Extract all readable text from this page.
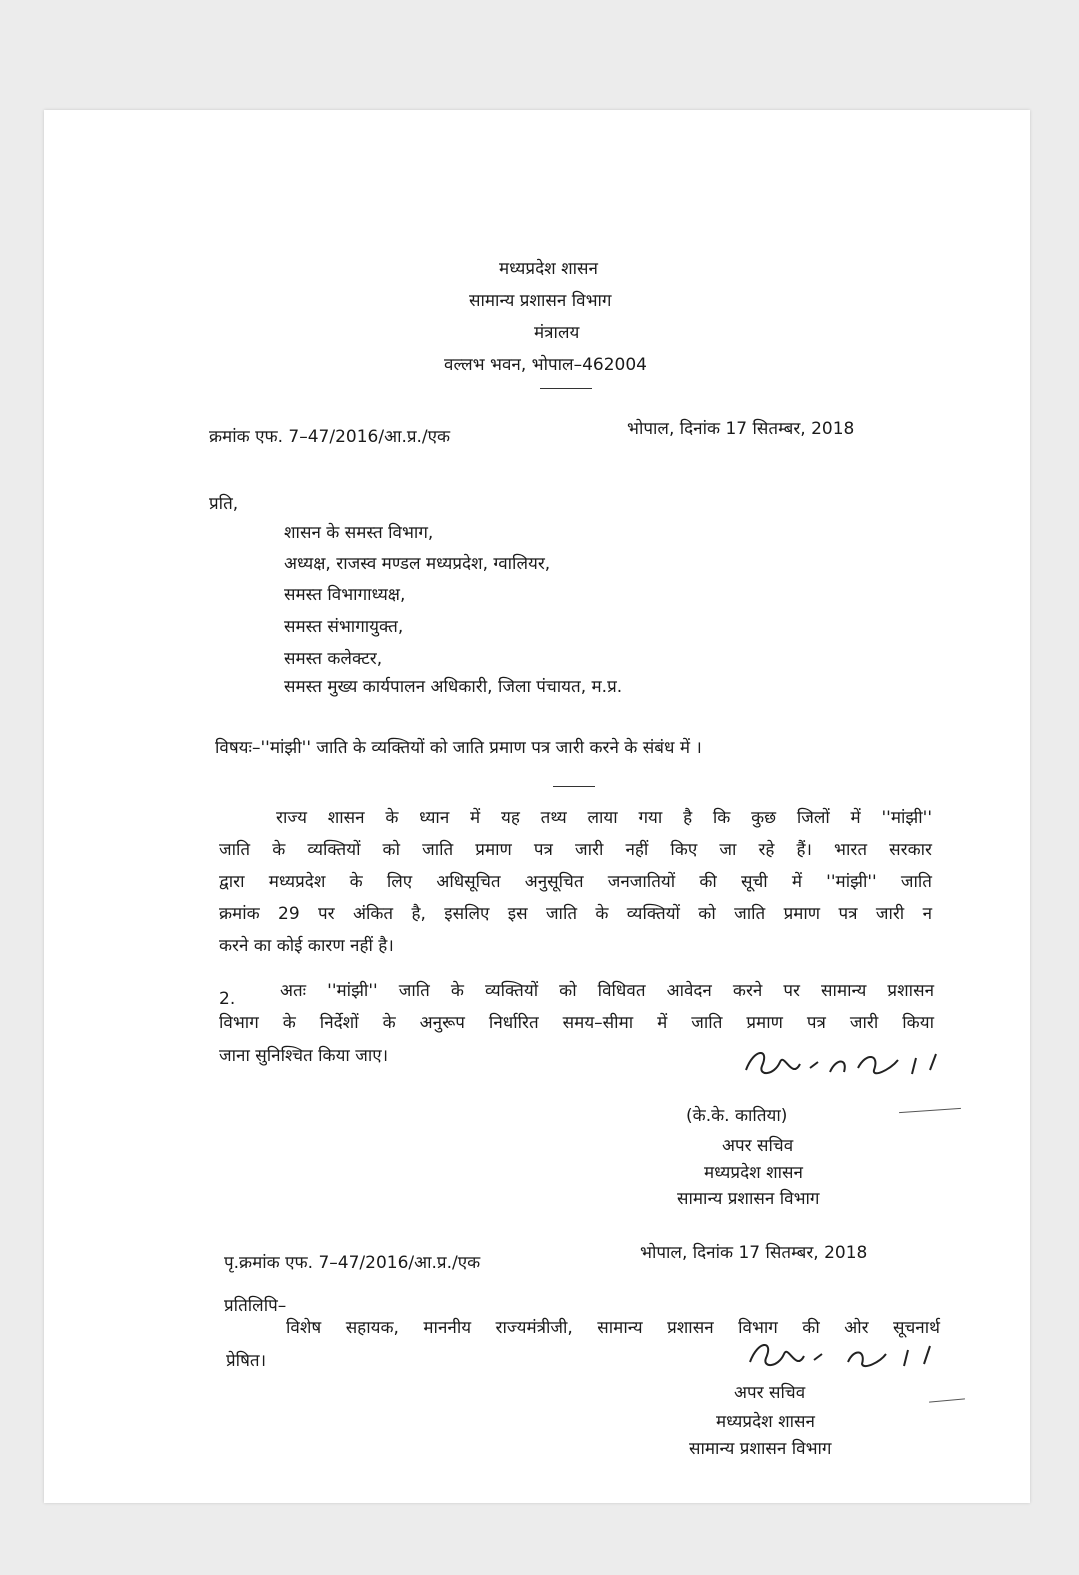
मध्यप्रदेश शासन
सामान्य प्रशासन विभाग
मंत्रालय
वल्लभ भवन, भोपाल–462004
क्रमांक एफ. 7–47/2016/आ.प्र./एक	भोपाल, दिनांक 17 सितम्बर, 2018
प्रति,
शासन के समस्त विभाग,
अध्यक्ष, राजस्व मण्डल मध्यप्रदेश, ग्वालियर,
समस्त विभागाध्यक्ष,
समस्त संभागायुक्त,
समस्त कलेक्टर,
समस्त मुख्य कार्यपालन अधिकारी, जिला पंचायत, म.प्र.
विषयः–''मांझी'' जाति के व्यक्तियों को जाति प्रमाण पत्र जारी करने के संबंध में ।
राज्य शासन के ध्यान में यह तथ्य लाया गया है कि कुछ जिलों में ''मांझी''
जाति के व्यक्तियों को जाति प्रमाण पत्र जारी नहीं किए जा रहे हैं। भारत सरकार
द्वारा मध्यप्रदेश के लिए अधिसूचित अनुसूचित जनजातियों की सूची में ''मांझी'' जाति
क्रमांक 29 पर अंकित है, इसलिए इस जाति के व्यक्तियों को जाति प्रमाण पत्र जारी न
करने का कोई कारण नहीं है।
2.	अतः ''मांझी'' जाति के व्यक्तियों को विधिवत आवेदन करने पर सामान्य प्रशासन
विभाग के निर्देशों के अनुरूप निर्धारित समय–सीमा में जाति प्रमाण पत्र जारी किया
जाना सुनिश्चित किया जाए।
(के.के. कातिया)
अपर सचिव
मध्यप्रदेश शासन
सामान्य प्रशासन विभाग
पृ.क्रमांक एफ. 7–47/2016/आ.प्र./एक	भोपाल, दिनांक 17 सितम्बर, 2018
प्रतिलिपि–
विशेष सहायक, माननीय राज्यमंत्रीजी, सामान्य प्रशासन विभाग की ओर सूचनार्थ
प्रेषित।
अपर सचिव
मध्यप्रदेश शासन
सामान्य प्रशासन विभाग
